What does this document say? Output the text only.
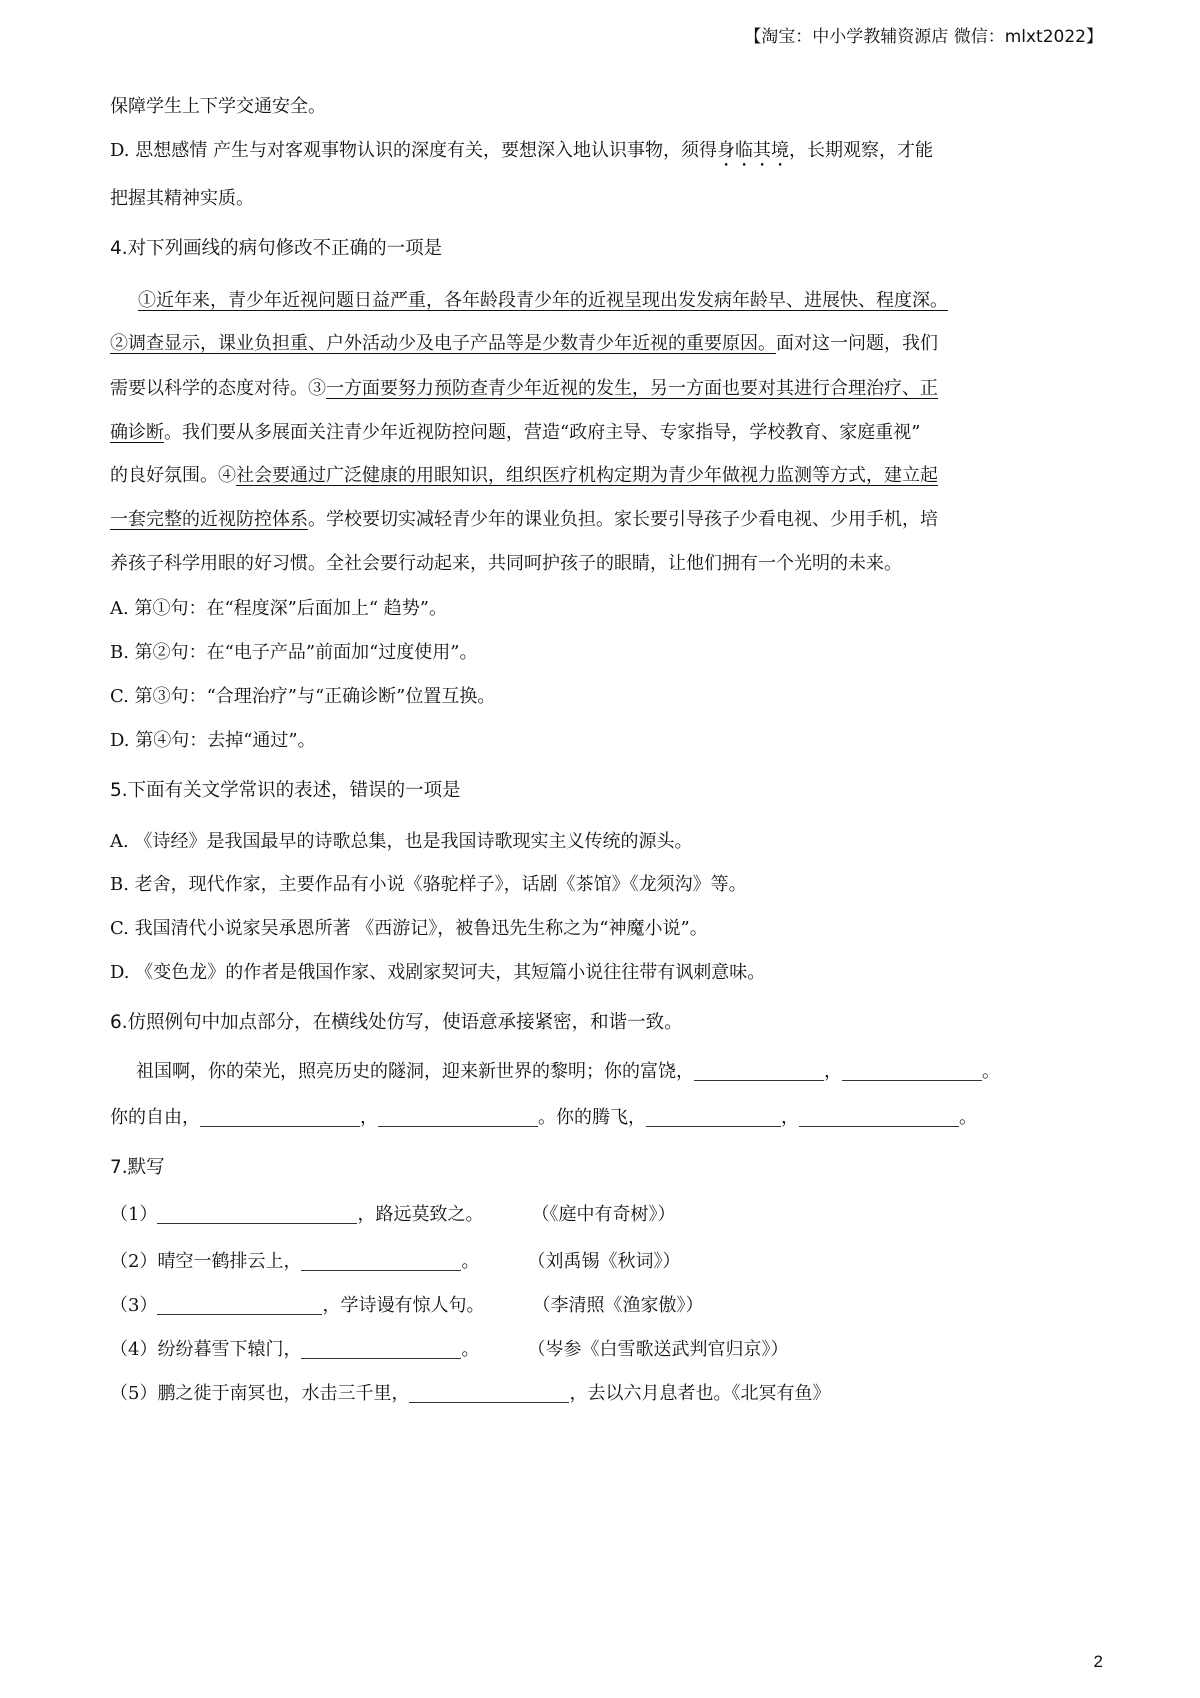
【淘宝：中小学教辅资源店 微信：mlxt2022】
保障学生上下学交通安全。
D. 思想感情 产生与对客观事物认识的深度有关，要想深入地认识事物，须得身临其境，长期观察，才能
把握其精神实质。
4.对下列画线的病句修改不正确的一项是
①近年来，青少年近视问题日益严重，各年龄段青少年的近视呈现出发发病年龄早、进展快、程度深。
②调查显示，课业负担重、户外活动少及电子产品等是少数青少年近视的重要原因。面对这一问题，我们
需要以科学的态度对待。③一方面要努力预防查青少年近视的发生，另一方面也要对其进行合理治疗、正
确诊断。我们要从多展面关注青少年近视防控问题，营造“政府主导、专家指导，学校教育、家庭重视”
的良好氛围。④社会要通过广泛健康的用眼知识，组织医疗机构定期为青少年做视力监测等方式，建立起
一套完整的近视防控体系。学校要切实减轻青少年的课业负担。家长要引导孩子少看电视、少用手机，培
养孩子科学用眼的好习惯。全社会要行动起来，共同呵护孩子的眼睛，让他们拥有一个光明的未来。
A. 第①句：在“程度深”后面加上“ 趋势”。
B. 第②句：在“电子产品”前面加“过度使用”。
C. 第③句：“合理治疗”与“正确诊断”位置互换。
D. 第④句：去掉“通过”。
5.下面有关文学常识的表述，错误的一项是
A. 《诗经》是我国最早的诗歌总集，也是我国诗歌现实主义传统的源头。
B. 老舍，现代作家，主要作品有小说《骆驼样子》，话剧《茶馆》《龙须沟》等。
C. 我国清代小说家吴承恩所著 《西游记》，被鲁迅先生称之为“神魔小说”。
D. 《变色龙》的作者是俄国作家、戏剧家契诃夫，其短篇小说往往带有讽刺意味。
6.仿照例句中加点部分，在横线处仿写，使语意承接紧密，和谐一致。
祖国啊，你的荣光，照亮历史的隧洞，迎来新世界的黎明；你的富饶，	，	。
你的自由，	，	。你的腾飞，	，	。
7.默写
（1）	，路远莫致之。	（《庭中有奇树》）
（2）晴空一鹤排云上，	。	（刘禹锡《秋词》）
（3）	，学诗谩有惊人句。	（李清照《渔家傲》）
（4）纷纷暮雪下辕门，	。	（岑参《白雪歌送武判官归京》）
（5）鹏之徙于南冥也，水击三千里，	，去以六月息者也。《北冥有鱼》
2
